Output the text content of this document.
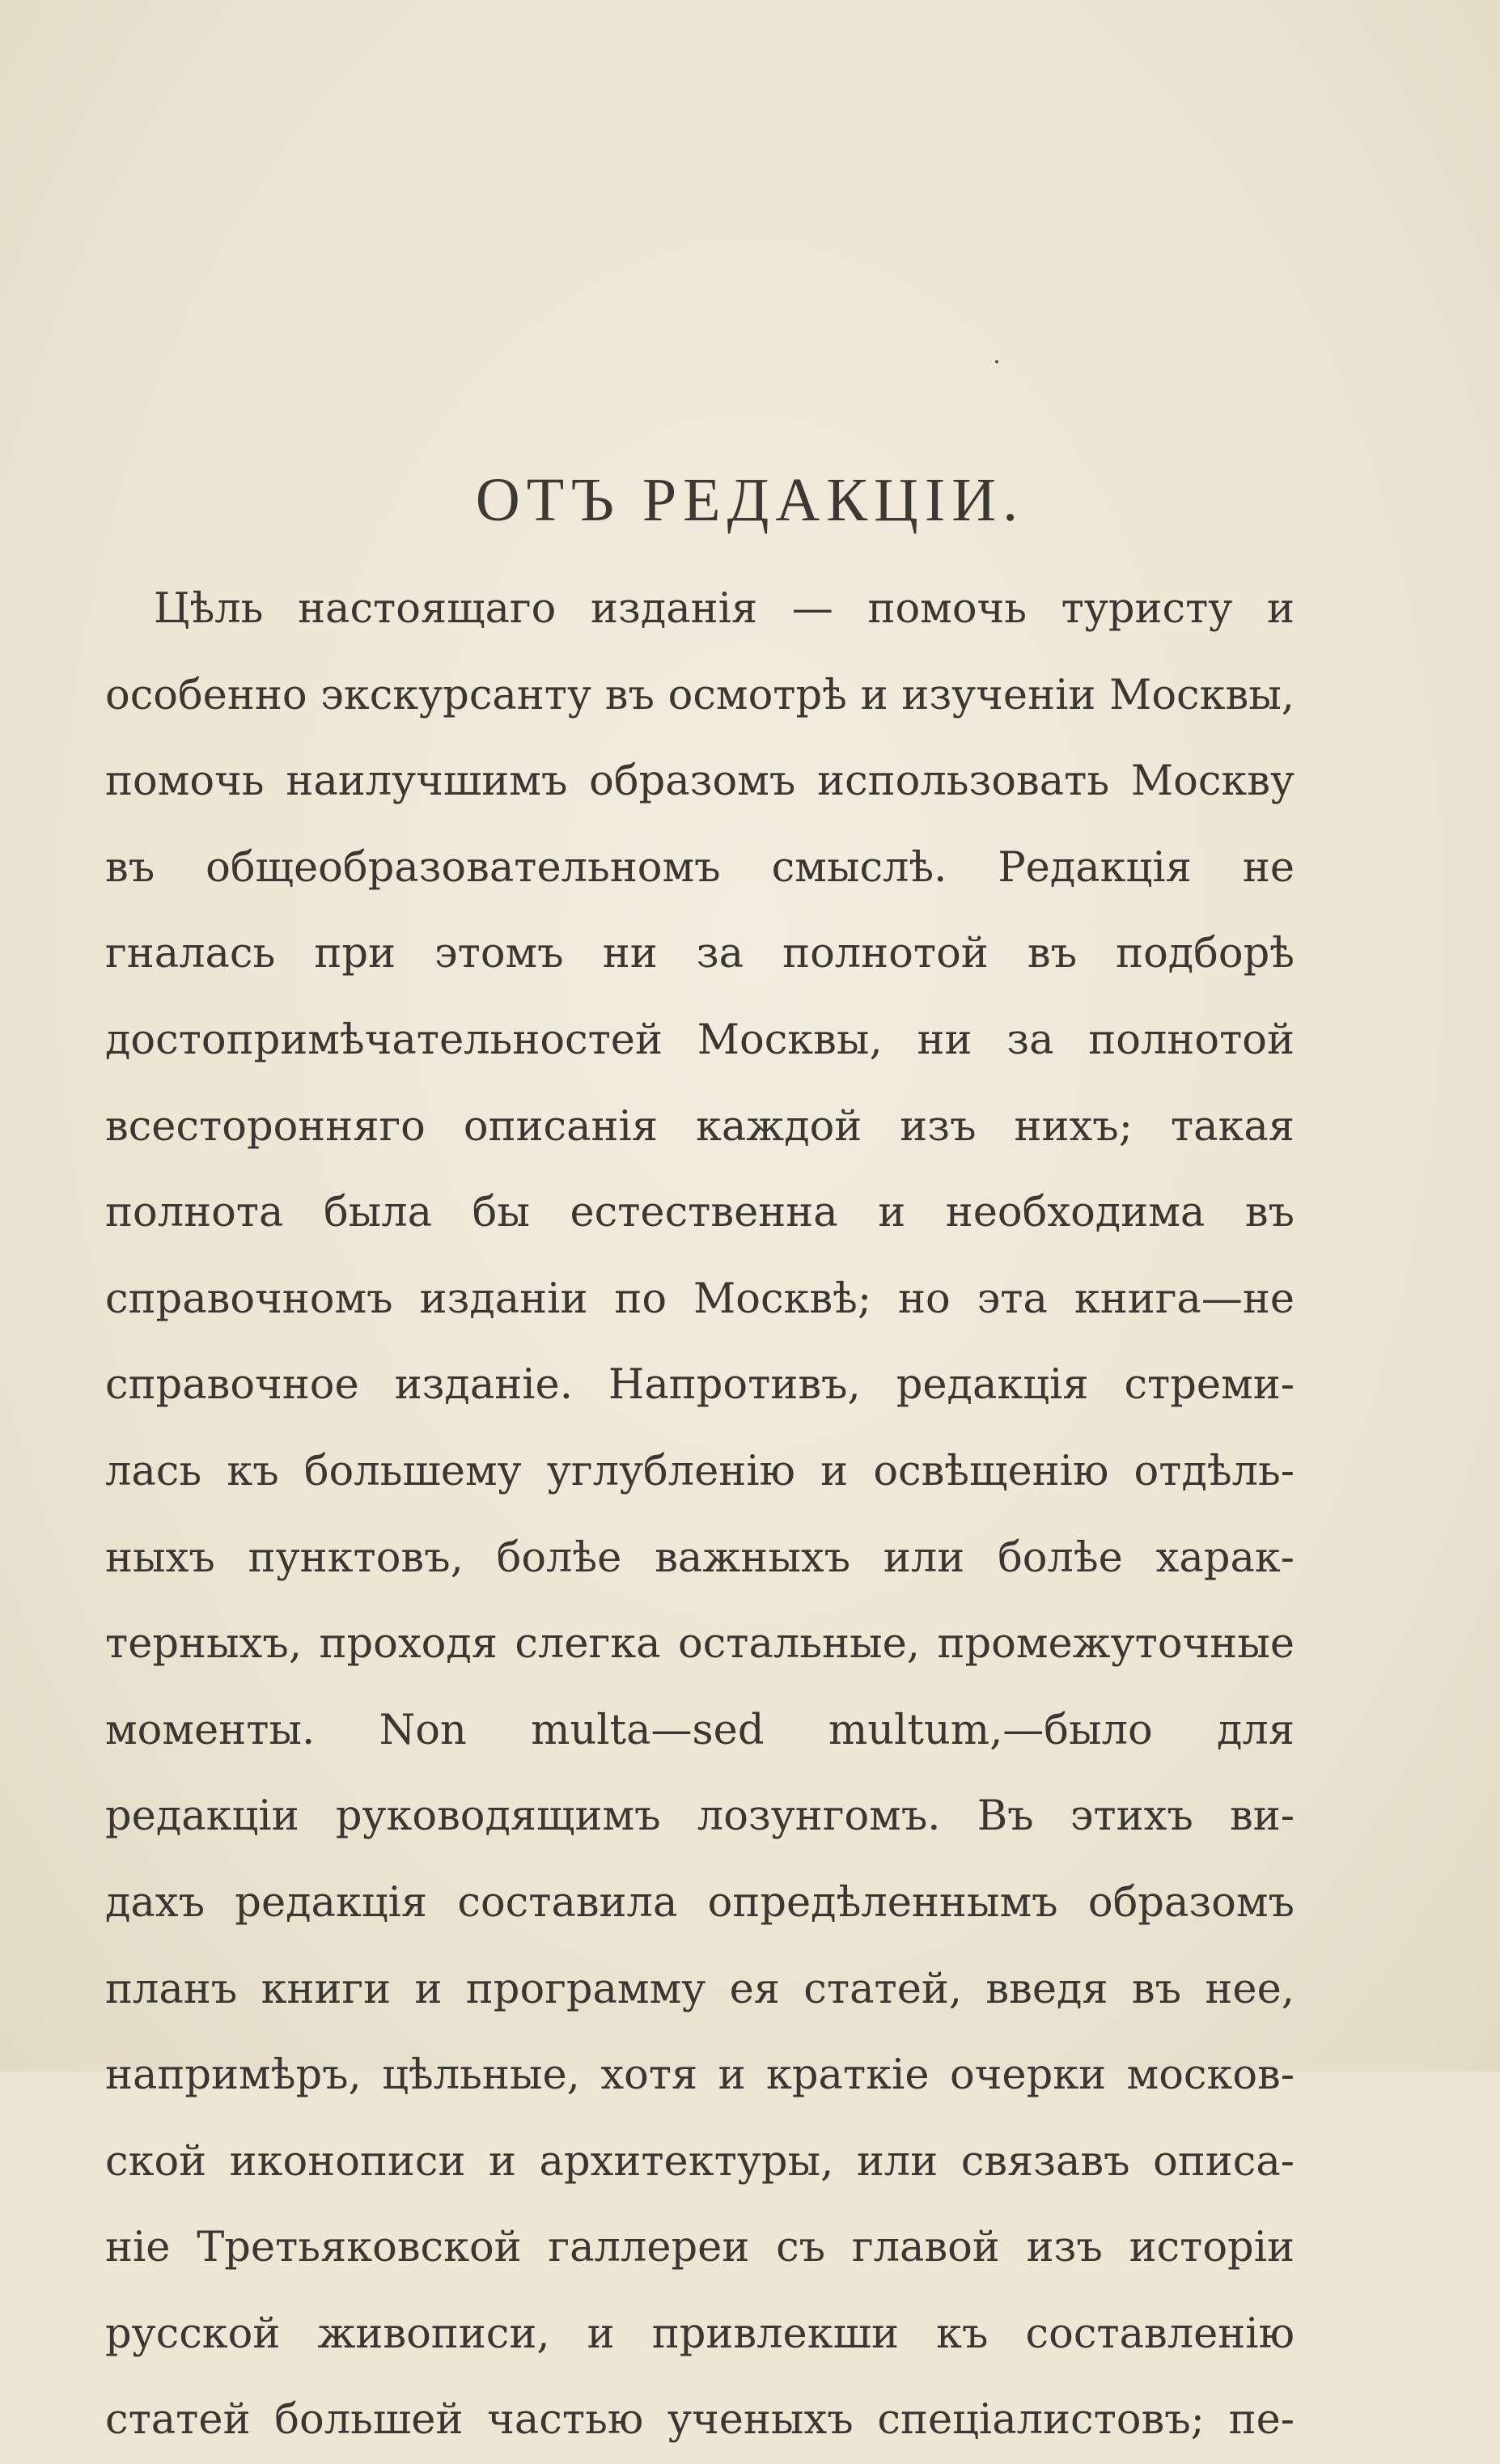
ОТЪ РЕДАКЦIИ.
Цѣль настоящаго изданiя — помочь туристу и
особенно экскурсанту въ осмотрѣ и изученiи Москвы,
помочь наилучшимъ образомъ использовать Москву
въ общеобразовательномъ смыслѣ. Редакцiя не
гналась при этомъ ни за полнотой въ подборѣ
достопримѣчательностей Москвы, ни за полнотой
всесторонняго описанiя каждой изъ нихъ; такая
полнота была бы естественна и необходима въ
справочномъ изданiи по Москвѣ; но эта книга—не
справочное изданiе. Напротивъ, редакцiя стреми-
лась къ большему углубленiю и освѣщенiю отдѣль-
ныхъ пунктовъ, болѣе важныхъ или болѣе харак-
терныхъ, проходя слегка остальные, промежуточные
моменты. Non multa—sed multum,—было для
редакцiи руководящимъ лозунгомъ. Въ этихъ ви-
дахъ редакцiя составила опредѣленнымъ образомъ
планъ книги и программу ея статей, введя въ нее,
напримѣръ, цѣльные, хотя и краткiе очерки москов-
ской иконописи и архитектуры, или связавъ описа-
нiе Третьяковской галлереи съ главой изъ исторiи
русской живописи, и привлекши къ составленiю
статей большей частью ученыхъ спецiалистовъ; пе-
